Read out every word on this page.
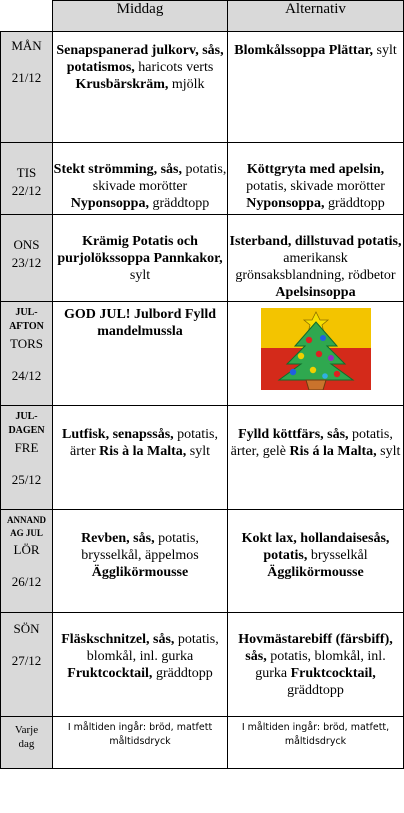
	Middag	Alternativ

MÅN
21/12	Senapspanerad julkorv, sås, potatismos, haricots verts Krusbärskräm, mjölk	Blomkålssoppa Plättar, sylt

TIS
22/12	Stekt strömming, sås, potatis, skivade morötter Nyponsoppa, gräddtopp	Köttgryta med apelsin, potatis, skivade morötter Nyponsoppa, gräddtopp

ONS
23/12	Krämig Potatis och purjolökssoppa Pannkakor, sylt	Isterband, dillstuvad potatis, amerikansk grönsaksblandning, rödbetor Apelsinsoppa

JUL-
AFTON
TORS
24/12	GOD JUL! Julbord Fylld mandelmussla	

JUL-
DAGEN
FRE
25/12	Lutfisk, senapssås, potatis, ärter Ris à la Malta, sylt	Fylld köttfärs, sås, potatis, ärter, gelè Ris á la Malta, sylt

ANNAND
AG JUL
LÖR
26/12	Revben, sås, potatis, brysselkål, äppelmos Ägglikörmousse	Kokt lax, hollandaisesås, potatis, brysselkål Ägglikörmousse

SÖN
27/12	Fläskschnitzel, sås, potatis, blomkål, inl. gurka Fruktcocktail, gräddtopp	Hovmästarebiff (färsbiff), sås, potatis, blomkål, inl. gurka Fruktcocktail, gräddtopp

Varje
dag	I måltiden ingår: bröd, matfett måltidsdryck	I måltiden ingår: bröd, matfett, måltidsdryck
